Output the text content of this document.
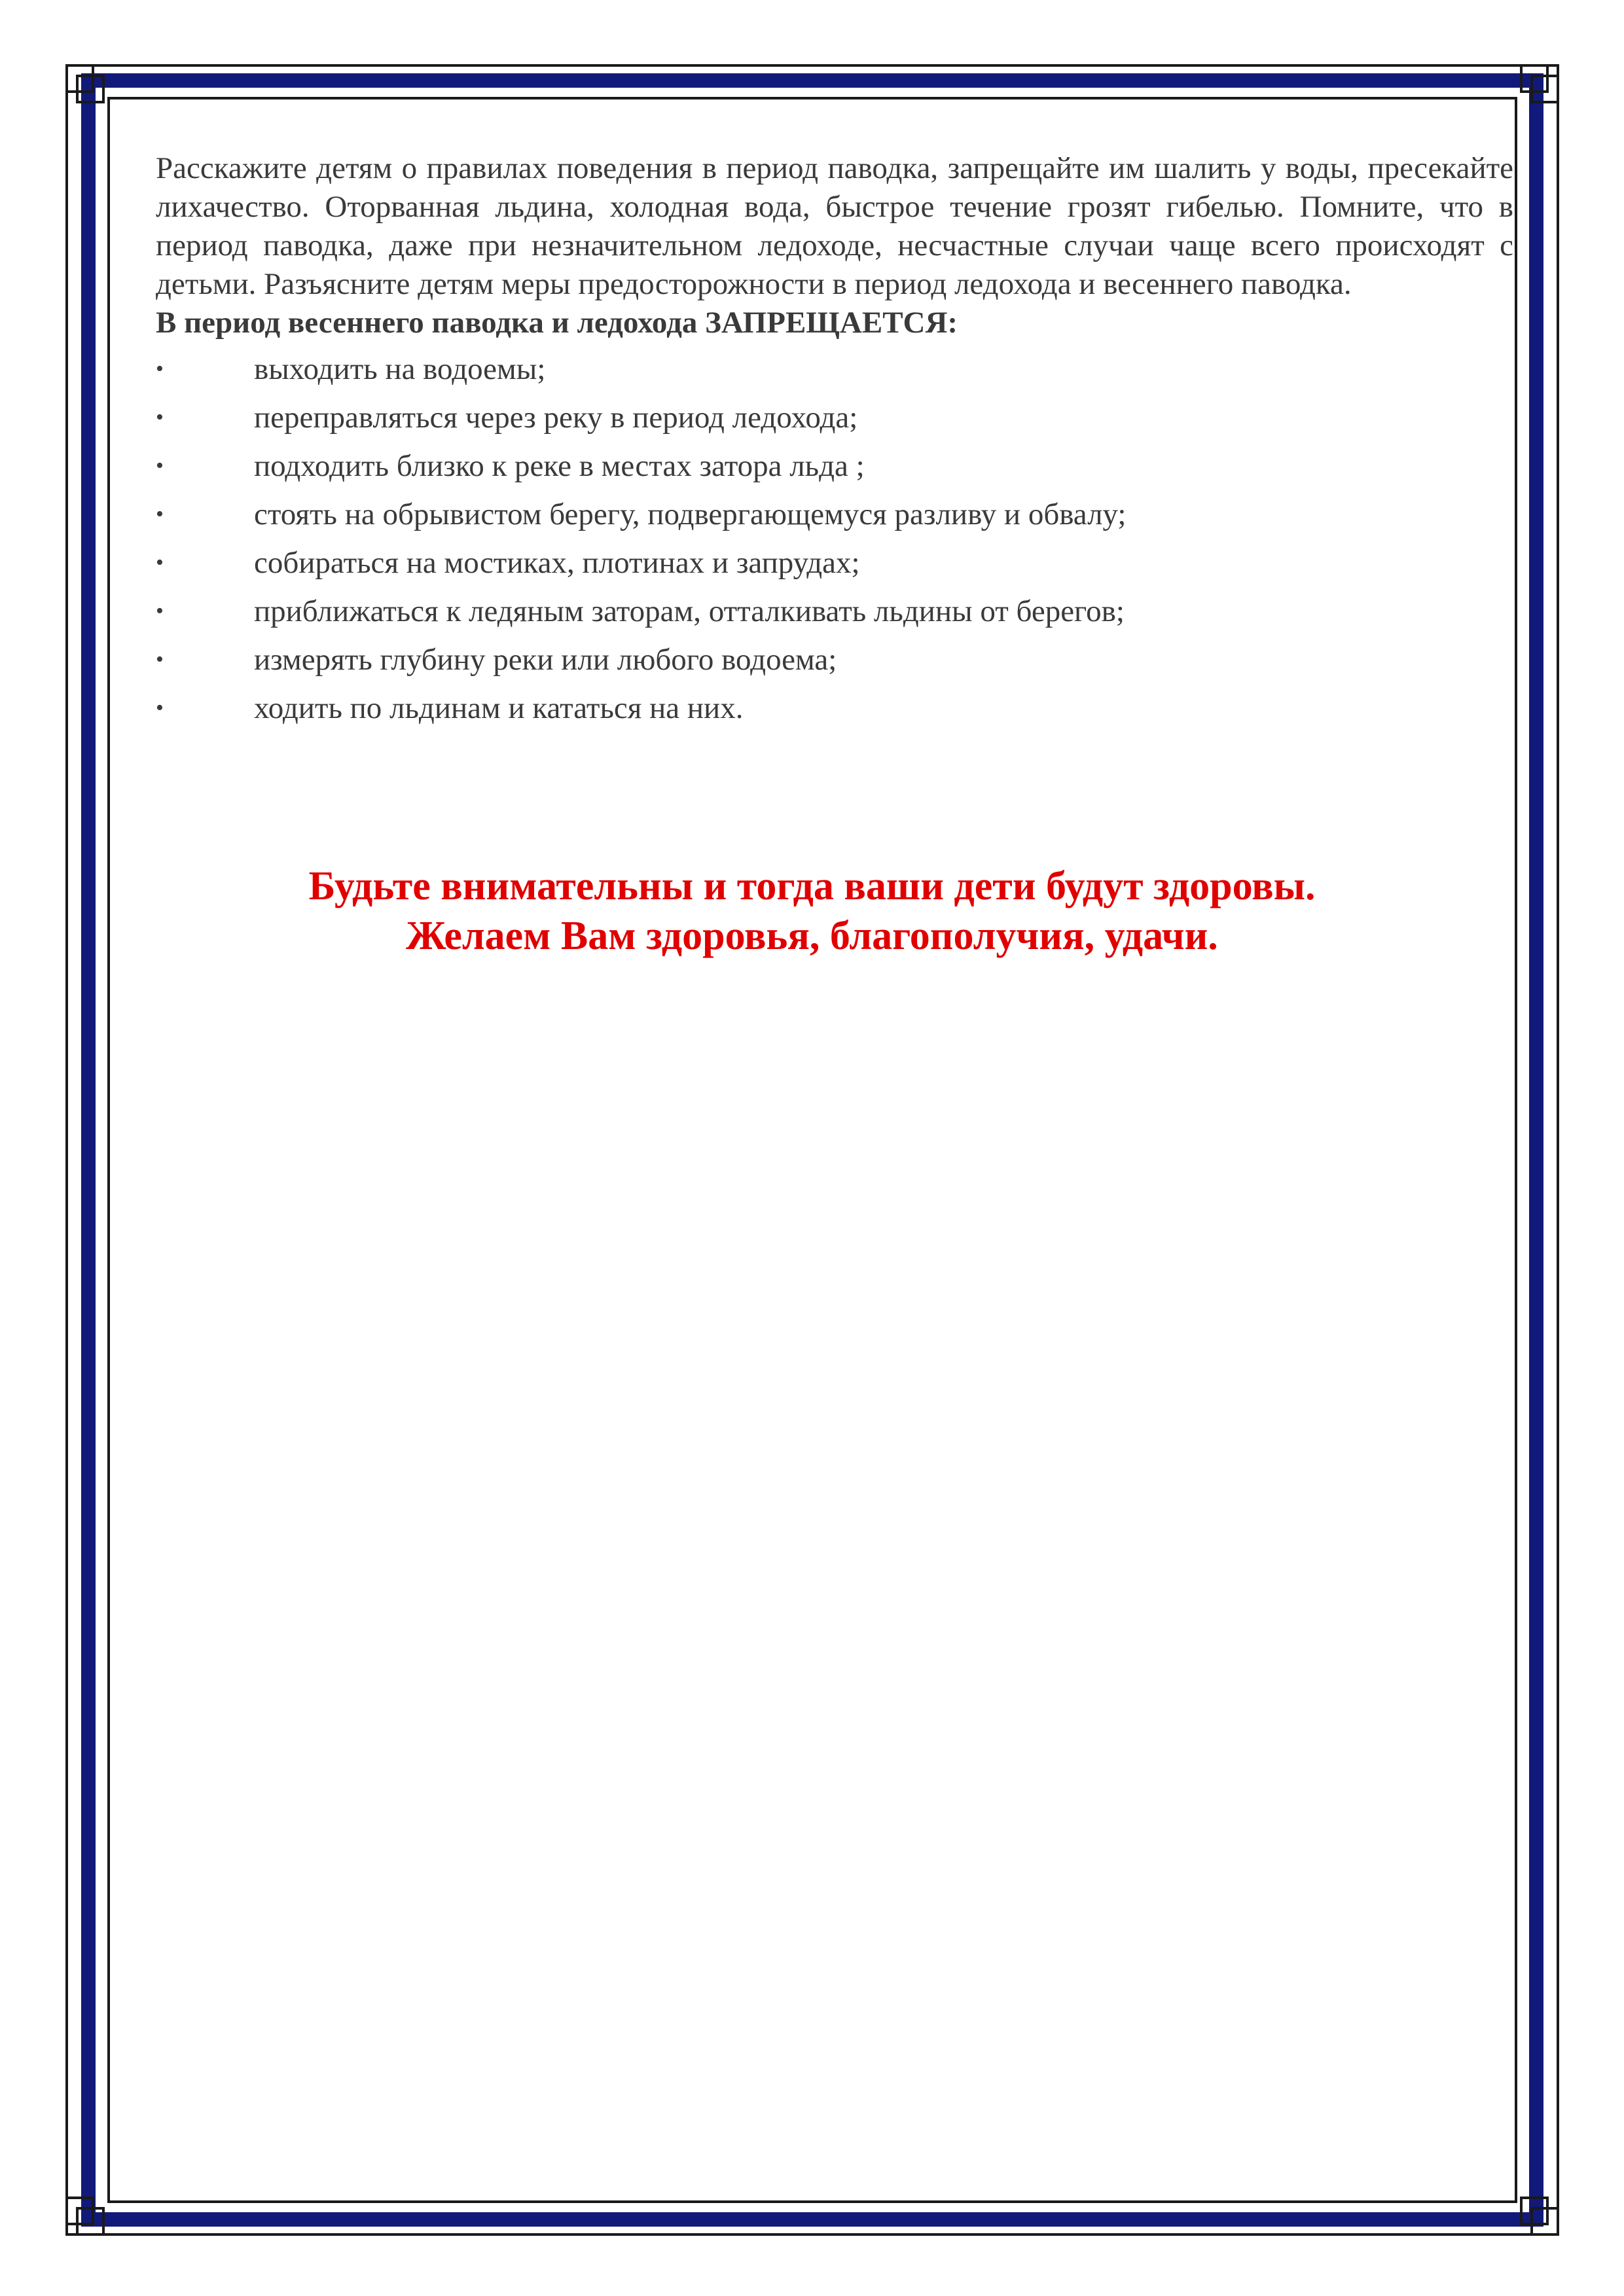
Расскажите детям о правилах поведения в период паводка, запрещайте им шалить у воды, пресекайте лихачество. Оторванная льдина, холодная вода, быстрое течение грозят гибелью. Помните, что в период паводка, даже при незначительном ледоходе, несчастные случаи чаще всего происходят с детьми. Разъясните детям меры предосторожности в период ледохода и весеннего паводка.

В период весеннего паводка и ледохода ЗАПРЕЩАЕТСЯ:

•	выходить на водоемы;
•	переправляться через реку в период ледохода;
•	подходить близко к реке в местах затора льда ;
•	стоять на обрывистом берегу, подвергающемуся разливу и обвалу;
•	собираться на мостиках, плотинах и запрудах;
•	приближаться к ледяным заторам, отталкивать льдины от берегов;
•	измерять глубину реки или любого водоема;
•	ходить по льдинам и кататься на них.
Будьте внимательны и тогда ваши дети будут здоровы.
Желаем Вам здоровья, благополучия, удачи.
